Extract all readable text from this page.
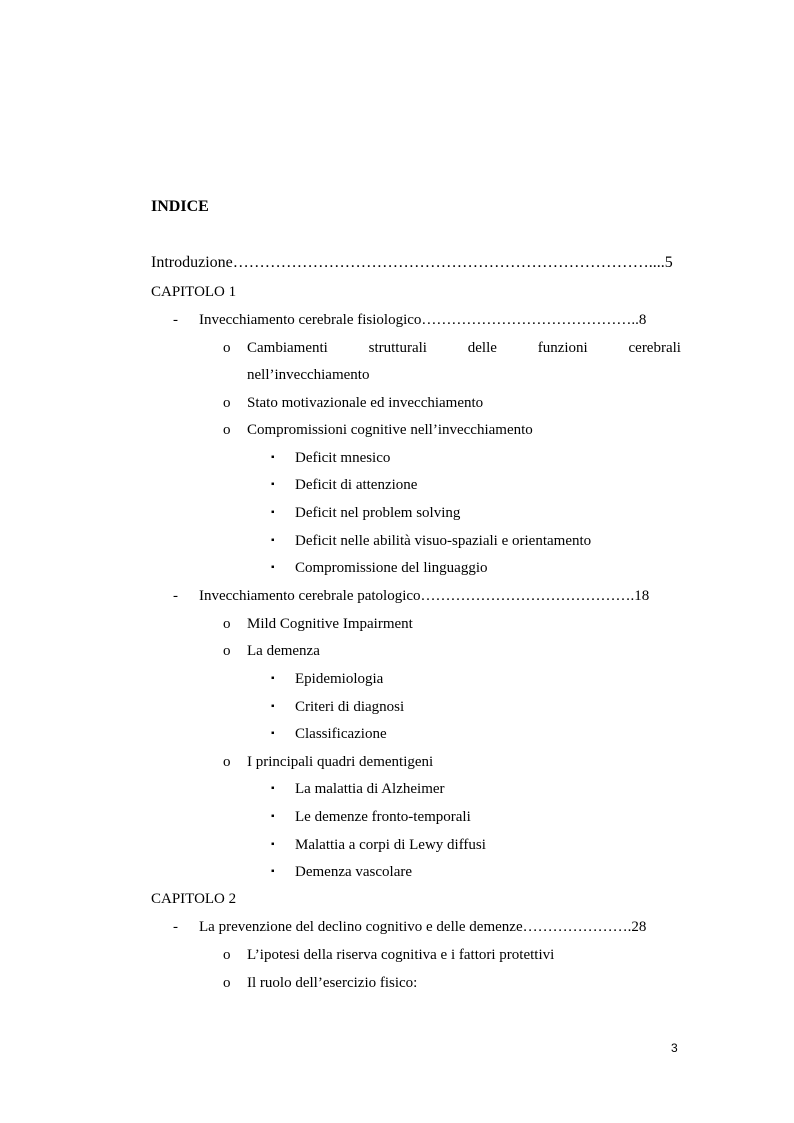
INDICE
Introduzione……………………………………………………………………....5
CAPITOLO 1
- Invecchiamento cerebrale fisiologico……………………………………..8
o Cambiamenti	strutturali	delle	funzioni	cerebrali
nell’invecchiamento
o Stato motivazionale ed invecchiamento
o Compromissioni cognitive nell’invecchiamento
▪ Deficit mnesico
▪ Deficit di attenzione
▪ Deficit nel problem solving
▪ Deficit nelle abilità visuo-spaziali e orientamento
▪ Compromissione del linguaggio
- Invecchiamento cerebrale patologico…………………………………….18
o Mild Cognitive Impairment
o La demenza
▪ Epidemiologia
▪ Criteri di diagnosi
▪ Classificazione
o I principali quadri dementigeni
▪ La malattia di Alzheimer
▪ Le demenze fronto-temporali
▪ Malattia a corpi di Lewy diffusi
▪ Demenza vascolare
CAPITOLO 2
- La prevenzione del declino cognitivo e delle demenze………………….28
o L’ipotesi della riserva cognitiva e i fattori protettivi
o Il ruolo dell’esercizio fisico:
3
